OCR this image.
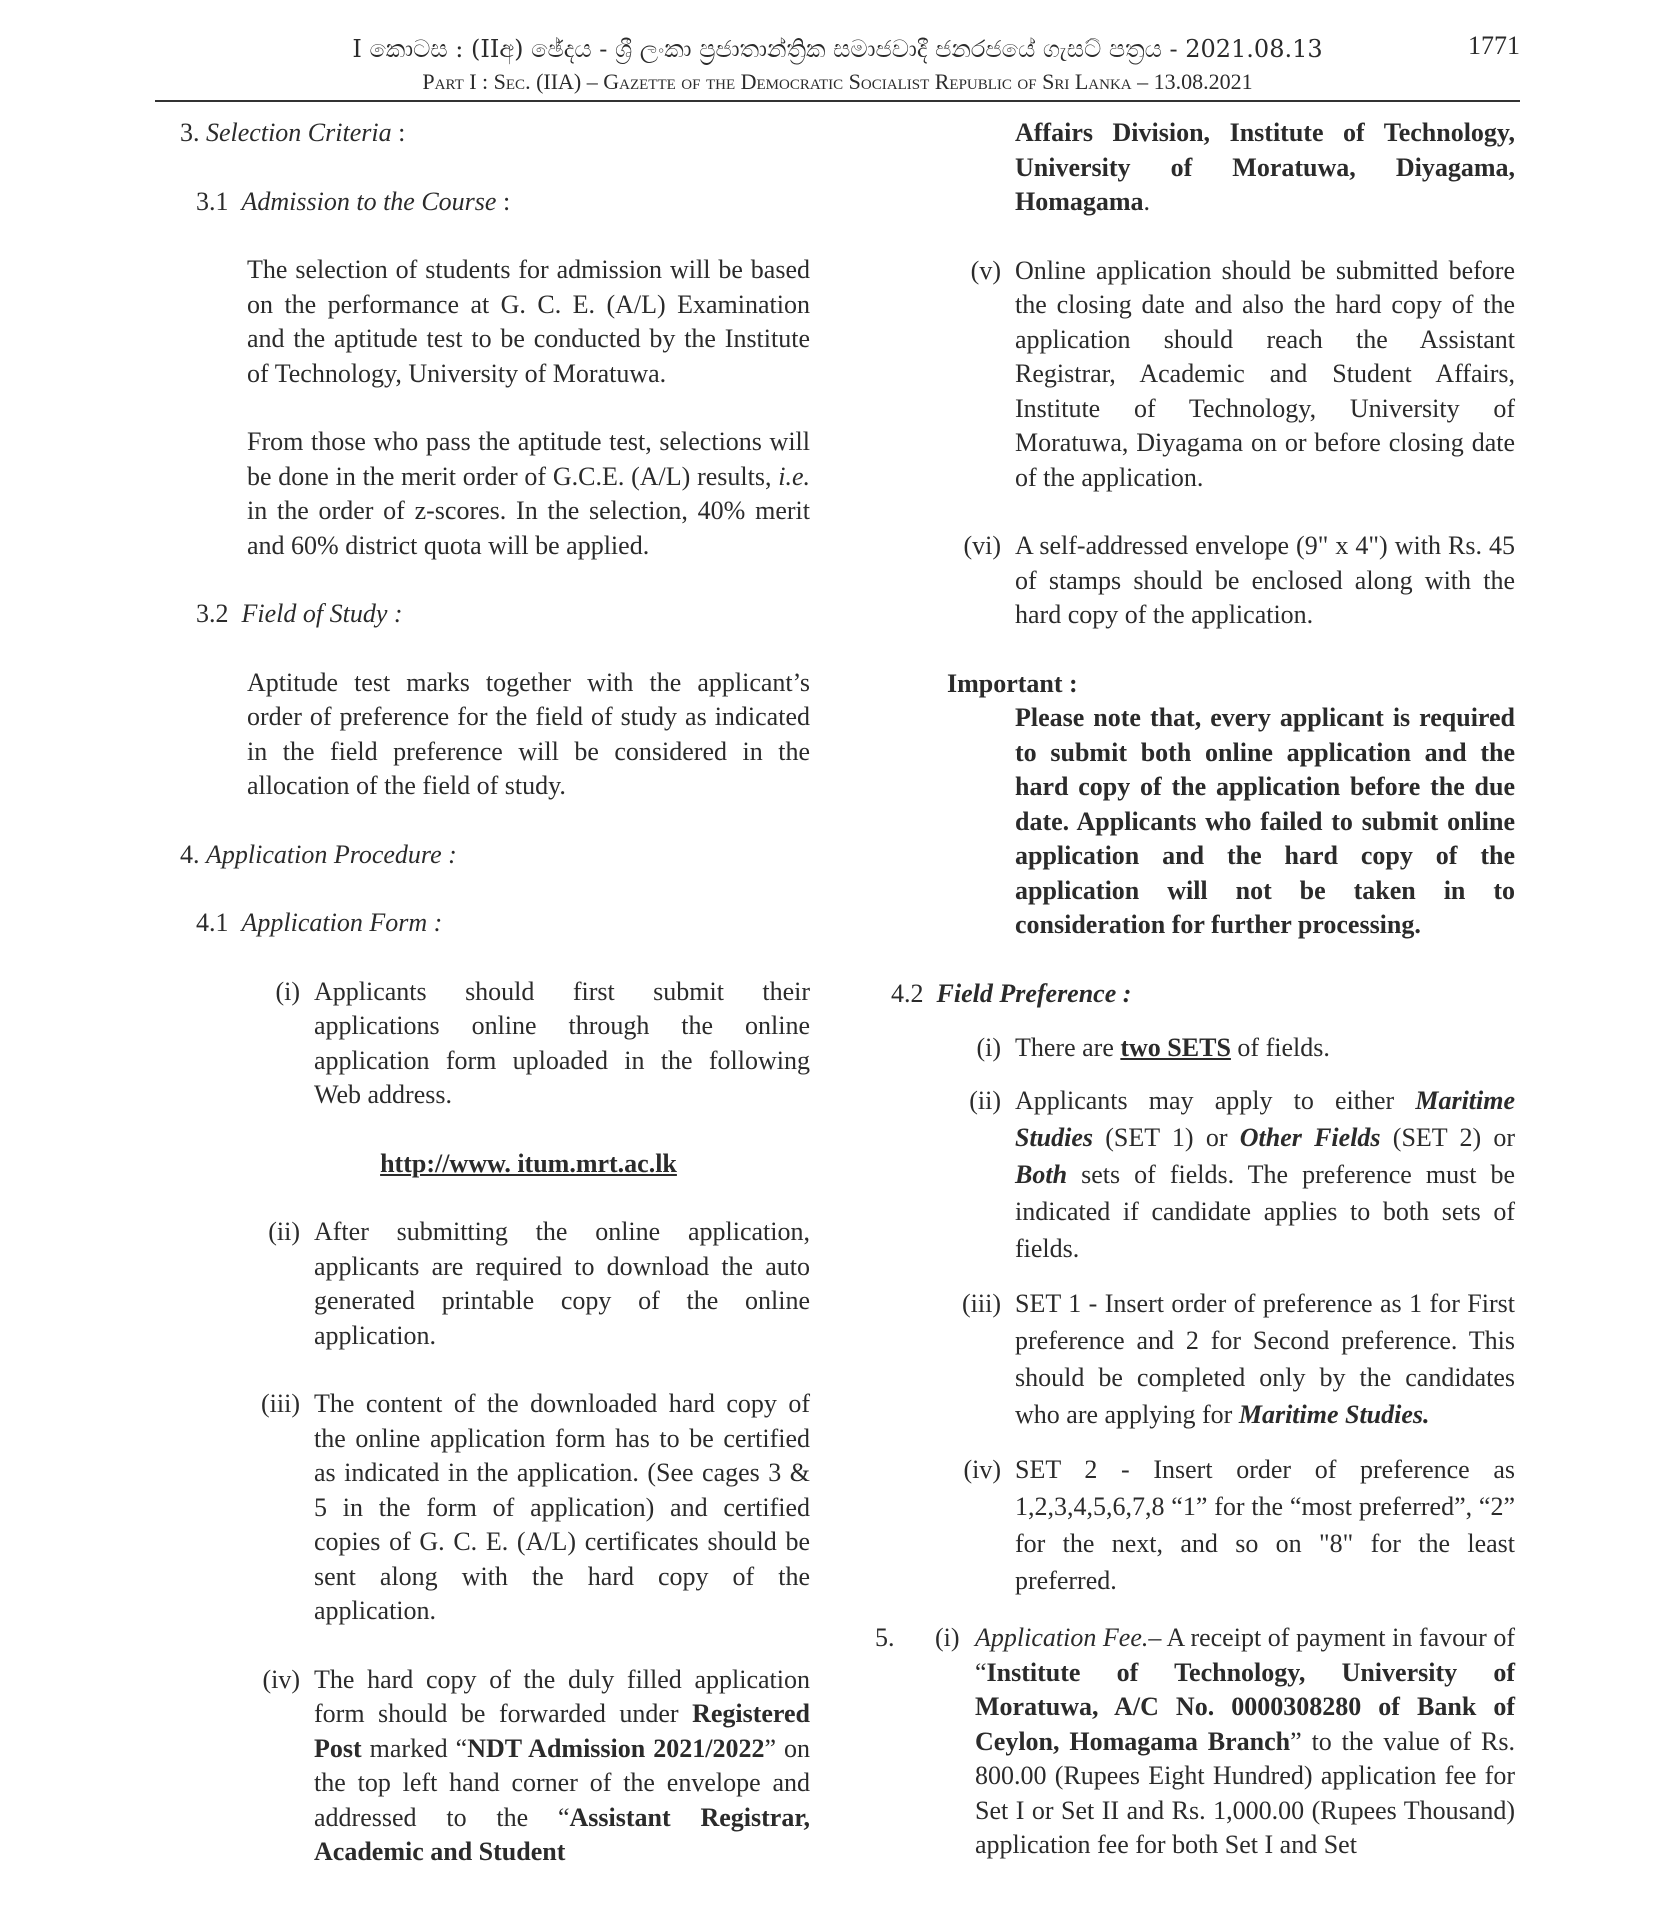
I කොටස : (IIඅ) ඡේදය - ශ්‍රී ලංකා ප්‍රජාතාන්ත්‍රික සමාජවාදී ජනරජයේ ගැසට් පත්‍රය - 2021.08.13
Part I : Sec. (IIA) – Gazette of the Democratic Socialist Republic of Sri Lanka – 13.08.2021
1771
3. Selection Criteria :
3.1 Admission to the Course :

The selection of students for admission will be based on the performance at G. C. E. (A/L) Examination and the aptitude test to be conducted by the Institute of Technology, University of Moratuwa.

From those who pass the aptitude test, selections will be done in the merit order of G.C.E. (A/L) results, i.e. in the order of z-scores. In the selection, 40% merit and 60% district quota will be applied.

3.2 Field of Study :

Aptitude test marks together with the applicant’s order of preference for the field of study as indicated in the field preference will be considered in the allocation of the field of study.

4. Application Procedure :
4.1 Application Form :
(i) Applicants should first submit their applications online through the online application form uploaded in the following Web address.
http://www. itum.mrt.ac.lk
(ii) After submitting the online application, applicants are required to download the auto generated printable copy of the online application.
(iii) The content of the downloaded hard copy of the online application form has to be certified as indicated in the application. (See cages 3 & 5 in the form of application) and certified copies of G. C. E. (A/L) certificates should be sent along with the hard copy of the application.
(iv) The hard copy of the duly filled application form should be forwarded under Registered Post marked “NDT Admission 2021/2022” on the top left hand corner of the envelope and addressed to the “Assistant Registrar, Academic and Student

Affairs Division, Institute of Technology, University of Moratuwa, Diyagama, Homagama.

(v) Online application should be submitted before the closing date and also the hard copy of the application should reach the Assistant Registrar, Academic and Student Affairs, Institute of Technology, University of Moratuwa, Diyagama on or before closing date of the application.
(vi) A self-addressed envelope (9" x 4") with Rs. 45 of stamps should be enclosed along with the hard copy of the application.
Important :

Please note that, every applicant is required to submit both online application and the hard copy of the application before the due date. Applicants who failed to submit online application and the hard copy of the application will not be taken in to consideration for further processing.

4.2 Field Preference :
(i) There are two SETS of fields.
(ii) Applicants may apply to either Maritime Studies (SET 1) or Other Fields (SET 2) or Both sets of fields. The preference must be indicated if candidate applies to both sets of fields.
(iii) SET 1 - Insert order of preference as 1 for First preference and 2 for Second preference. This should be completed only by the candidates who are applying for Maritime Studies.
(iv) SET 2 - Insert order of preference as 1,2,3,4,5,6,7,8 “1” for the “most preferred”, “2” for the next, and so on "8" for the least preferred.
5.	(i) Application Fee.– A receipt of payment in favour of “Institute of Technology, University of Moratuwa, A/C No. 0000308280 of Bank of Ceylon, Homagama Branch” to the value of Rs. 800.00 (Rupees Eight Hundred) application fee for Set I or Set II and Rs. 1,000.00 (Rupees Thousand) application fee for both Set I and Set
